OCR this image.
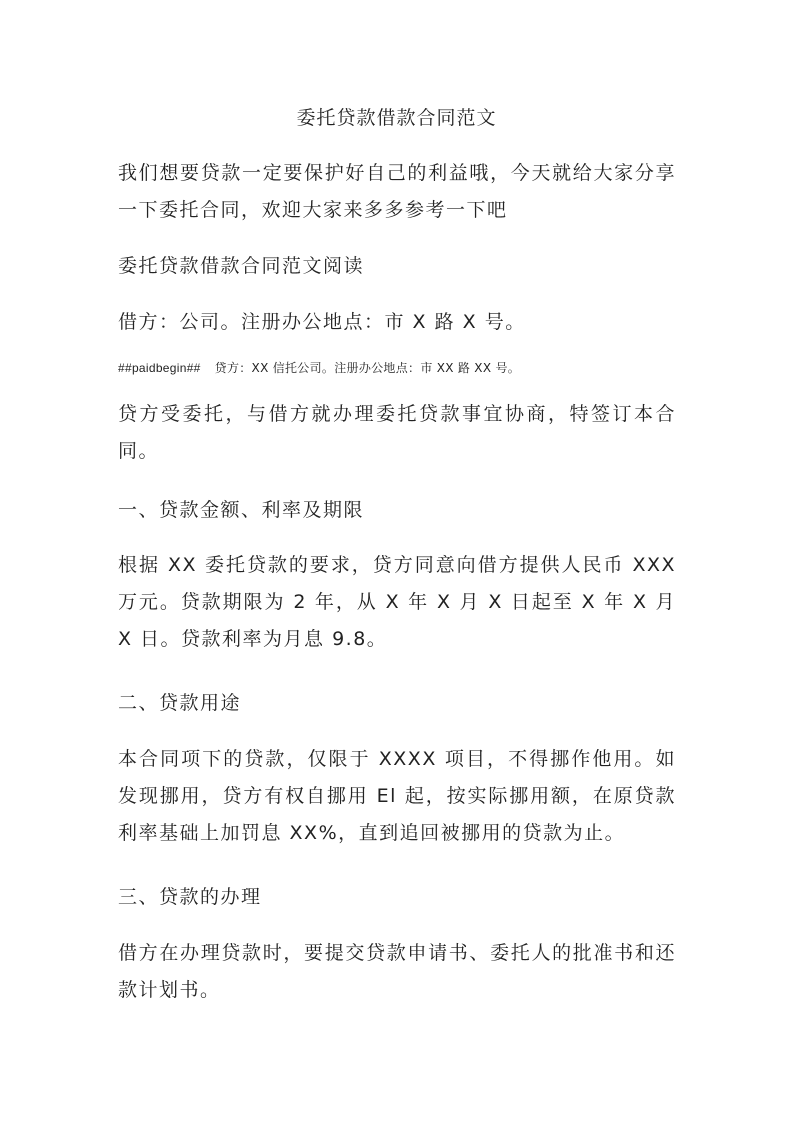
委托贷款借款合同范文
我们想要贷款一定要保护好自己的利益哦，今天就给大家分享一下委托合同，欢迎大家来多多参考一下吧
委托贷款借款合同范文阅读
借方：公司。注册办公地点：市 X 路 X 号。
##paidbegin## 贷方：XX 信托公司。注册办公地点：市 XX 路 XX 号。
贷方受委托，与借方就办理委托贷款事宜协商，特签订本合同。
一、贷款金额、利率及期限
根据 XX 委托贷款的要求，贷方同意向借方提供人民币 XXX 万元。贷款期限为 2 年，从 X 年 X 月 X 日起至 X 年 X 月 X 日。贷款利率为月息 9.8。
二、贷款用途
本合同项下的贷款，仅限于 XXXX 项目，不得挪作他用。如发现挪用，贷方有权自挪用 El 起，按实际挪用额，在原贷款利率基础上加罚息 XX%，直到追回被挪用的贷款为止。
三、贷款的办理
借方在办理贷款时，要提交贷款申请书、委托人的批准书和还款计划书。
